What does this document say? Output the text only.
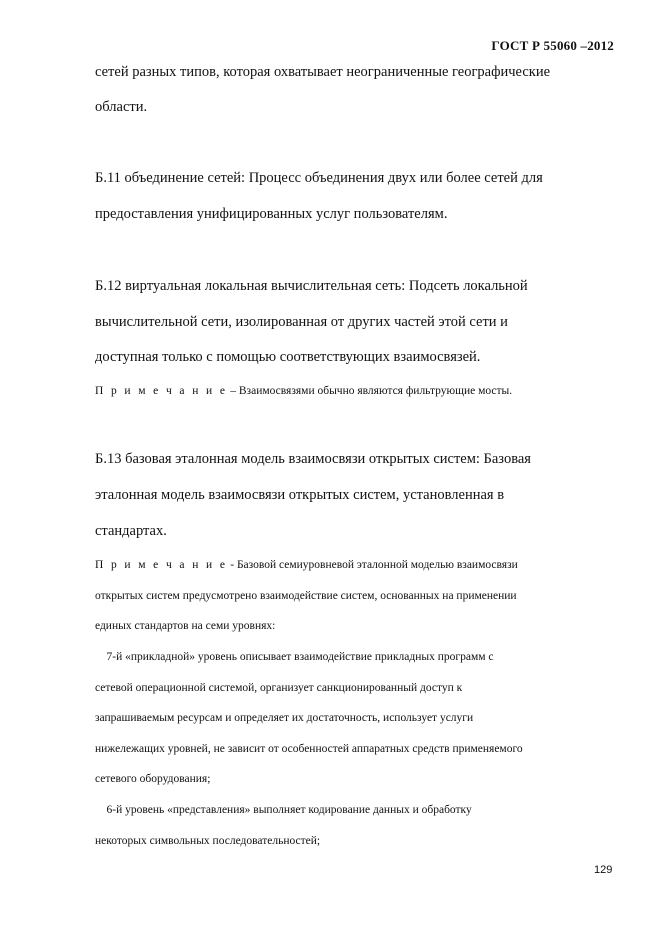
ГОСТ Р 55060 –2012

сетей разных типов, которая охватывает неограниченные географические

области.

Б.11 объединение сетей: Процесс объединения двух или более сетей для

предоставления унифицированных услуг пользователям.

Б.12 виртуальная локальная вычислительная сеть: Подсеть локальной

вычислительной сети, изолированная от других частей этой сети и

доступная только с помощью соответствующих взаимосвязей.

П р и м е ч а н и е – Взаимосвязями обычно являются фильтрующие мосты.

Б.13 базовая эталонная модель взаимосвязи открытых систем: Базовая

эталонная модель взаимосвязи открытых систем, установленная в

стандартах.

П р и м е ч а н и е - Базовой семиуровневой эталонной моделью взаимосвязи

открытых систем предусмотрено взаимодействие систем, основанных на применении

единых стандартов на семи уровнях:

7-й «прикладной» уровень описывает взаимодействие прикладных программ с

сетевой операционной системой, организует санкционированный доступ к

запрашиваемым ресурсам и определяет их достаточность, использует услуги

нижележащих уровней, не зависит от особенностей аппаратных средств применяемого

сетевого оборудования;

6-й уровень «представления» выполняет кодирование данных и обработку

некоторых символьных последовательностей;

129
